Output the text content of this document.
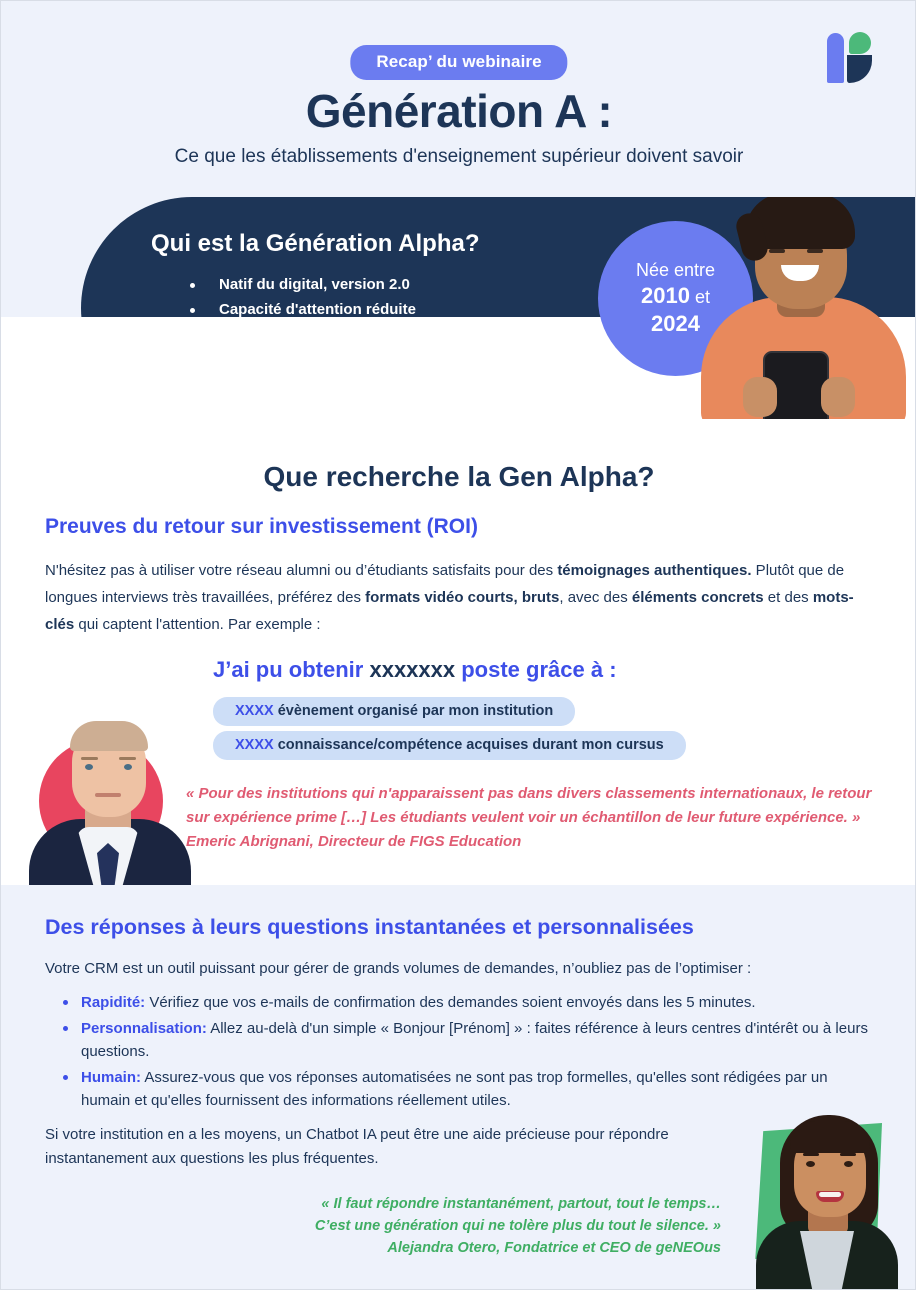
Recap’ du webinaire
Génération A :
Ce que les établissements d'enseignement supérieur doivent savoir
Qui est la Génération Alpha?
Natif du digital, version 2.0
Capacité d'attention réduite
Née entre
2010 et
2024
Que recherche la Gen Alpha?
Preuves du retour sur investissement (ROI)
N'hésitez pas à utiliser votre réseau alumni ou d’étudiants satisfaits pour des témoignages authentiques. Plutôt que de longues interviews très travaillées, préférez des formats vidéo courts, bruts, avec des éléments concrets et des mots-clés qui captent l'attention. Par exemple :
J’ai pu obtenir xxxxxxx poste grâce à :
XXXX évènement organisé par mon institution
XXXX connaissance/compétence acquises durant mon cursus
« Pour des institutions qui n'apparaissent pas dans divers classements internationaux, le retour sur expérience prime […] Les étudiants veulent voir un échantillon de leur future expérience. » Emeric Abrignani, Directeur de FIGS Education
Des réponses à leurs questions instantanées et personnalisées
Votre CRM est un outil puissant pour gérer de grands volumes de demandes, n’oubliez pas de l’optimiser :
Rapidité: Vérifiez que vos e-mails de confirmation des demandes soient envoyés dans les 5 minutes.
Personnalisation: Allez au-delà d'un simple « Bonjour [Prénom] » : faites référence à leurs centres d'intérêt ou à leurs questions.
Humain: Assurez-vous que vos réponses automatisées ne sont pas trop formelles, qu'elles sont rédigées par un humain et qu'elles fournissent des informations réellement utiles.
Si votre institution en a les moyens, un Chatbot IA peut être une aide précieuse pour répondre instantanement aux questions les plus fréquentes.
« Il faut répondre instantanément, partout, tout le temps…
C’est une génération qui ne tolère plus du tout le silence. »
Alejandra Otero, Fondatrice et CEO de geNEOus
